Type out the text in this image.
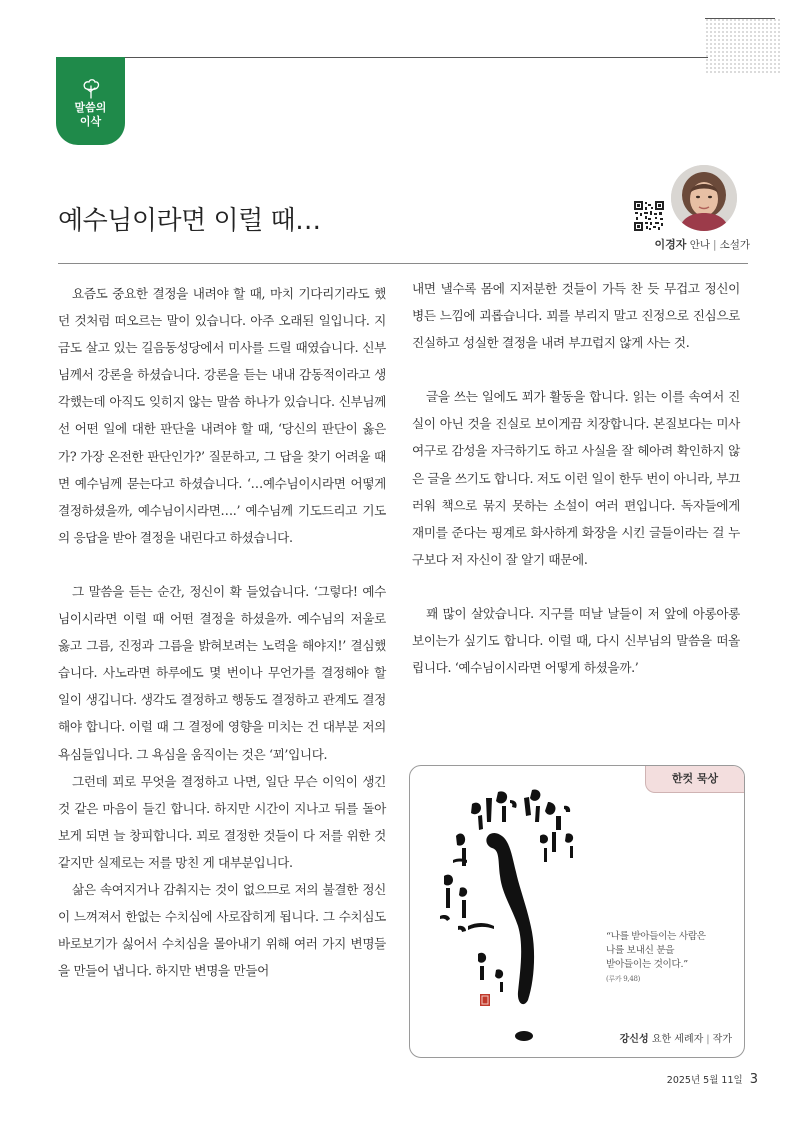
말씀의
이삭
예수님이라면 이럴 때…
이경자 안나 | 소설가

요즘도 중요한 결정을 내려야 할 때, 마치 기다리기라도 했던 것처럼 떠오르는 말이 있습니다. 아주 오래된 일입니다. 지금도 살고 있는 길음동성당에서 미사를 드릴 때였습니다. 신부님께서 강론을 하셨습니다. 강론을 듣는 내내 감동적이라고 생각했는데 아직도 잊히지 않는 말씀 하나가 있습니다. 신부님께선 어떤 일에 대한 판단을 내려야 할 때, ‘당신의 판단이 옳은가? 가장 온전한 판단인가?’ 질문하고, 그 답을 찾기 어려울 때면 예수님께 묻는다고 하셨습니다. ‘…예수님이시라면 어떻게 결정하셨을까, 예수님이시라면….’ 예수님께 기도드리고 기도의 응답을 받아 결정을 내린다고 하셨습니다.

그 말씀을 듣는 순간, 정신이 확 들었습니다. ‘그렇다! 예수님이시라면 이럴 때 어떤 결정을 하셨을까. 예수님의 저울로 옳고 그름, 진정과 그름을 밝혀보려는 노력을 해야지!’ 결심했습니다. 사노라면 하루에도 몇 번이나 무언가를 결정해야 할 일이 생깁니다. 생각도 결정하고 행동도 결정하고 관계도 결정해야 합니다. 이럴 때 그 결정에 영향을 미치는 건 대부분 저의 욕심들입니다. 그 욕심을 움직이는 것은 ‘꾀’입니다.

그런데 꾀로 무엇을 결정하고 나면, 일단 무슨 이익이 생긴 것 같은 마음이 들긴 합니다. 하지만 시간이 지나고 뒤를 돌아보게 되면 늘 창피합니다. 꾀로 결정한 것들이 다 저를 위한 것 같지만 실제로는 저를 망친 게 대부분입니다.

삶은 속여지거나 감춰지는 것이 없으므로 저의 불결한 정신이 느껴져서 한없는 수치심에 사로잡히게 됩니다. 그 수치심도 바로보기가 싫어서 수치심을 몰아내기 위해 여러 가지 변명들을 만들어 냅니다. 하지만 변명을 만들어

내면 낼수록 몸에 지저분한 것들이 가득 찬 듯 무겁고 정신이 병든 느낌에 괴롭습니다. 꾀를 부리지 말고 진정으로 진심으로 진실하고 성실한 결정을 내려 부끄럽지 않게 사는 것.

글을 쓰는 일에도 꾀가 활동을 합니다. 읽는 이를 속여서 진실이 아닌 것을 진실로 보이게끔 치장합니다. 본질보다는 미사여구로 감성을 자극하기도 하고 사실을 잘 헤아려 확인하지 않은 글을 쓰기도 합니다. 저도 이런 일이 한두 번이 아니라, 부끄러워 책으로 묶지 못하는 소설이 여러 편입니다. 독자들에게 재미를 준다는 핑계로 화사하게 화장을 시킨 글들이라는 걸 누구보다 저 자신이 잘 알기 때문에.

꽤 많이 살았습니다. 지구를 떠날 날들이 저 앞에 아롱아롱 보이는가 싶기도 합니다. 이럴 때, 다시 신부님의 말씀을 떠올립니다. ‘예수님이시라면 어떻게 하셨을까.’

한컷 묵상
“나를 받아들이는 사람은
나를 보내신 분을
받아들이는 것이다.”
(루카 9,48)
강신성 요한 세례자 | 작가
2025년 5월 11일 3
